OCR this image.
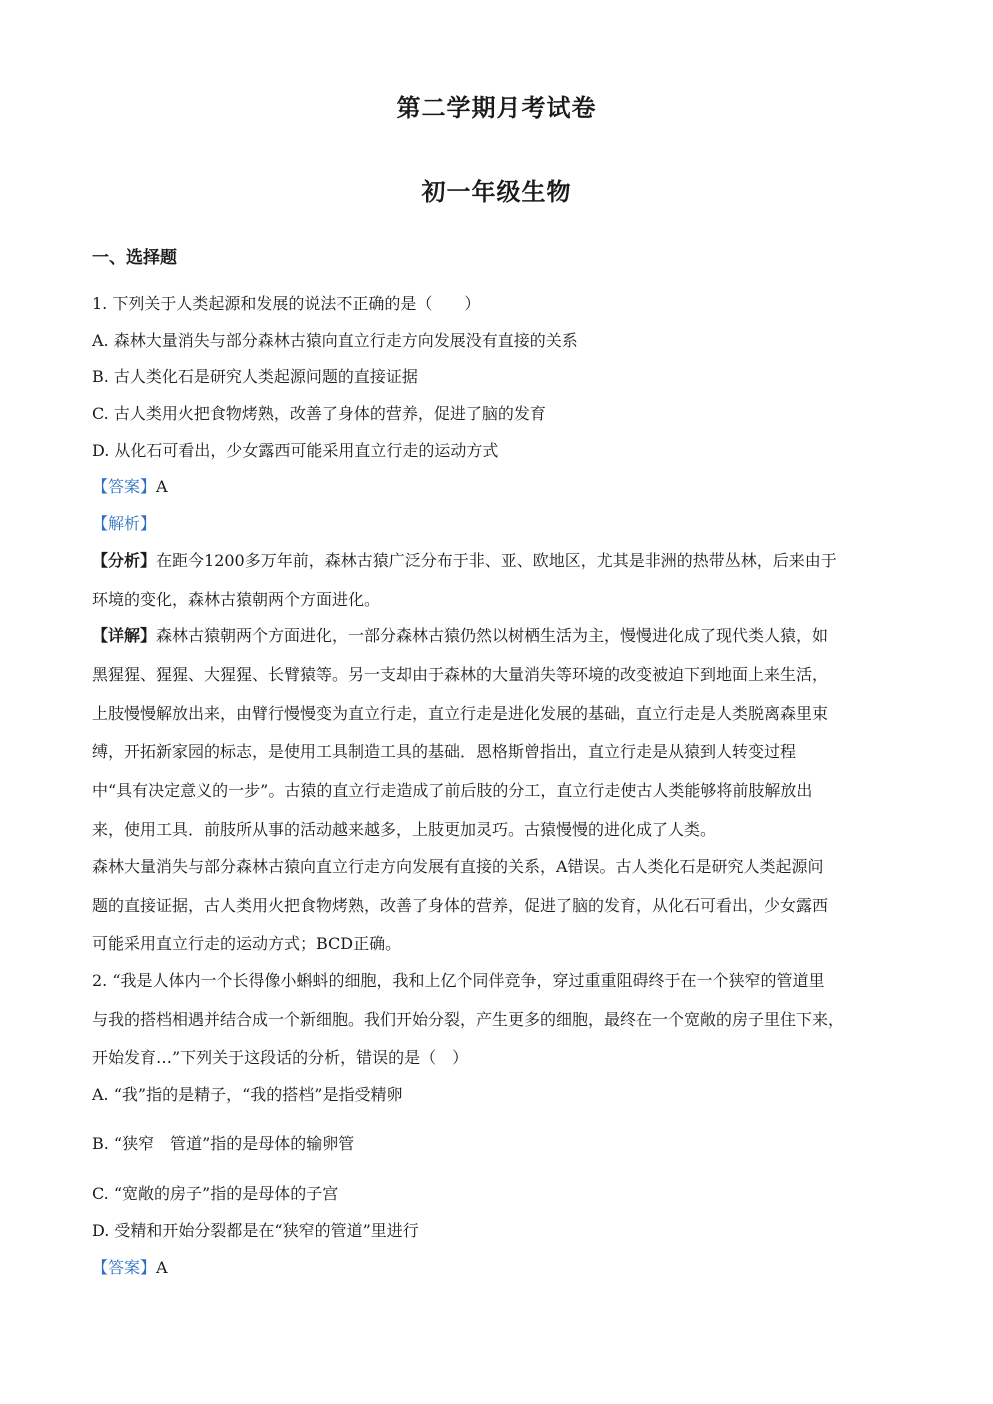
第二学期月考试卷
初一年级生物
一、选择题
1. 下列关于人类起源和发展的说法不正确的是（　　）
A. 森林大量消失与部分森林古猿向直立行走方向发展没有直接的关系
B. 古人类化石是研究人类起源问题的直接证据
C. 古人类用火把食物烤熟，改善了身体的营养，促进了脑的发育
D. 从化石可看出，少女露西可能采用直立行走的运动方式
【答案】A
【解析】
【分析】在距今1200多万年前，森林古猿广泛分布于非、亚、欧地区，尤其是非洲的热带丛林，后来由于
环境的变化，森林古猿朝两个方面进化。
【详解】森林古猿朝两个方面进化，一部分森林古猿仍然以树栖生活为主，慢慢进化成了现代类人猿，如
黑猩猩、猩猩、大猩猩、长臂猿等。另一支却由于森林的大量消失等环境的改变被迫下到地面上来生活，
上肢慢慢解放出来，由臂行慢慢变为直立行走，直立行走是进化发展的基础，直立行走是人类脱离森里束
缚，开拓新家园的标志，是使用工具制造工具的基础．恩格斯曾指出，直立行走是从猿到人转变过程
中“具有决定意义的一步”。古猿的直立行走造成了前后肢的分工，直立行走使古人类能够将前肢解放出
来，使用工具．前肢所从事的活动越来越多，上肢更加灵巧。古猿慢慢的进化成了人类。
森林大量消失与部分森林古猿向直立行走方向发展有直接的关系，A错误。古人类化石是研究人类起源问
题的直接证据，古人类用火把食物烤熟，改善了身体的营养，促进了脑的发育，从化石可看出，少女露西
可能采用直立行走的运动方式；BCD正确。
2. “我是人体内一个长得像小蝌蚪的细胞，我和上亿个同伴竞争，穿过重重阻碍终于在一个狭窄的管道里
与我的搭档相遇并结合成一个新细胞。我们开始分裂，产生更多的细胞，最终在一个宽敞的房子里住下来，
开始发育…”下列关于这段话的分析，错误的是（　）
A. “我”指的是精子，“我的搭档”是指受精卵
B. “狭窄　管道”指的是母体的输卵管
C. “宽敞的房子”指的是母体的子宫
D. 受精和开始分裂都是在“狭窄的管道”里进行
【答案】A
